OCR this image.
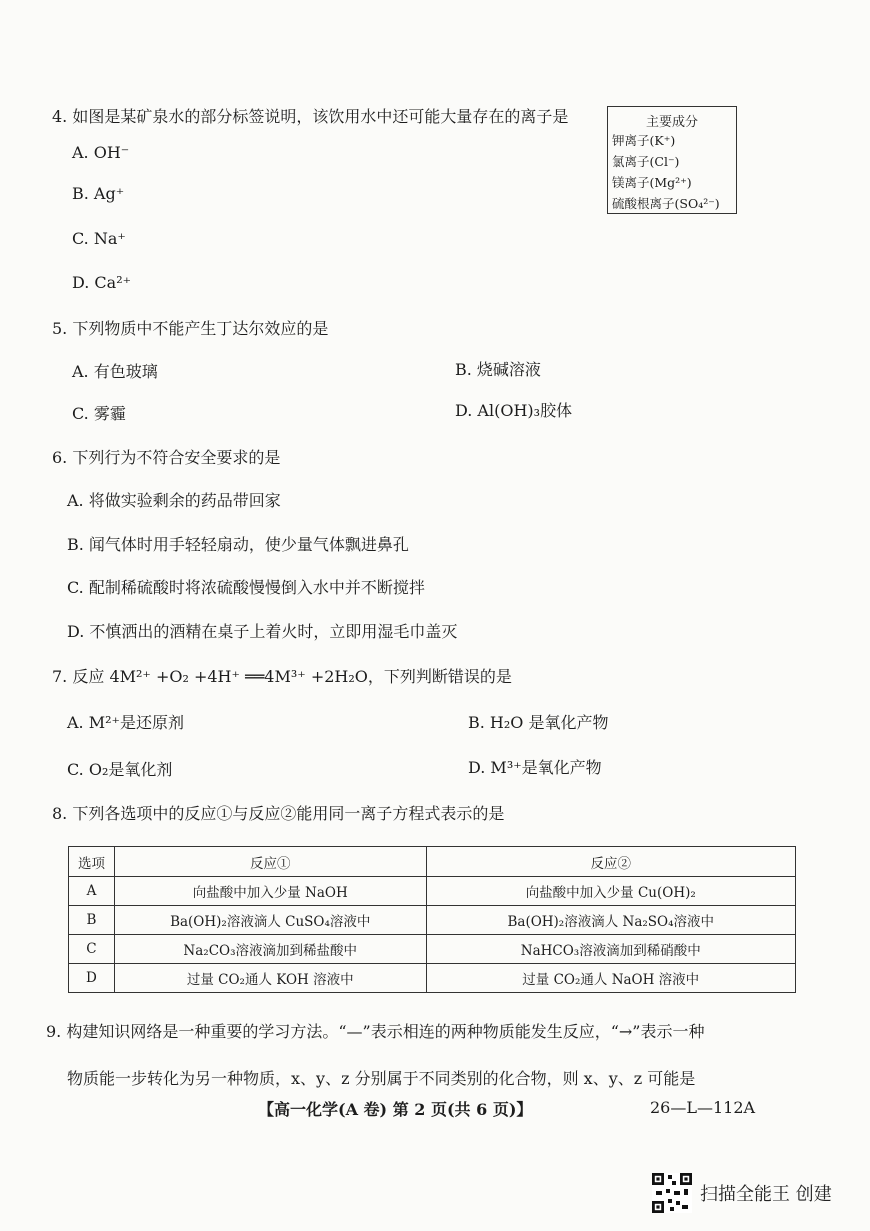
4. 如图是某矿泉水的部分标签说明，该饮用水中还可能大量存在的离子是
A. OH⁻
B. Ag⁺
C. Na⁺
D. Ca²⁺
主要成分
钾离子(K⁺)
氯离子(Cl⁻)
镁离子(Mg²⁺)
硫酸根离子(SO₄²⁻)
5. 下列物质中不能产生丁达尔效应的是
A. 有色玻璃	B. 烧碱溶液
C. 雾霾	D. Al(OH)₃胶体
6. 下列行为不符合安全要求的是
A. 将做实验剩余的药品带回家
B. 闻气体时用手轻轻扇动，使少量气体飘进鼻孔
C. 配制稀硫酸时将浓硫酸慢慢倒入水中并不断搅拌
D. 不慎洒出的酒精在桌子上着火时，立即用湿毛巾盖灭
7. 反应 4M²⁺ +O₂ +4H⁺ ══4M³⁺ +2H₂O，下列判断错误的是
A. M²⁺是还原剂	B. H₂O 是氧化产物
C. O₂是氧化剂	D. M³⁺是氧化产物
8. 下列各选项中的反应①与反应②能用同一离子方程式表示的是
选项	反应①	反应②
A	向盐酸中加入少量 NaOH	向盐酸中加入少量 Cu(OH)₂
B	Ba(OH)₂溶液滴人 CuSO₄溶液中	Ba(OH)₂溶液滴人 Na₂SO₄溶液中
C	Na₂CO₃溶液滴加到稀盐酸中	NaHCO₃溶液滴加到稀硝酸中
D	过量 CO₂通人 KOH 溶液中	过量 CO₂通人 NaOH 溶液中
9. 构建知识网络是一种重要的学习方法。“—”表示相连的两种物质能发生反应，“→”表示一种
物质能一步转化为另一种物质，x、y、z 分别属于不同类别的化合物，则 x、y、z 可能是
【高一化学(A 卷) 第 2 页(共 6 页)】	26—L—112A
扫描全能王 创建
